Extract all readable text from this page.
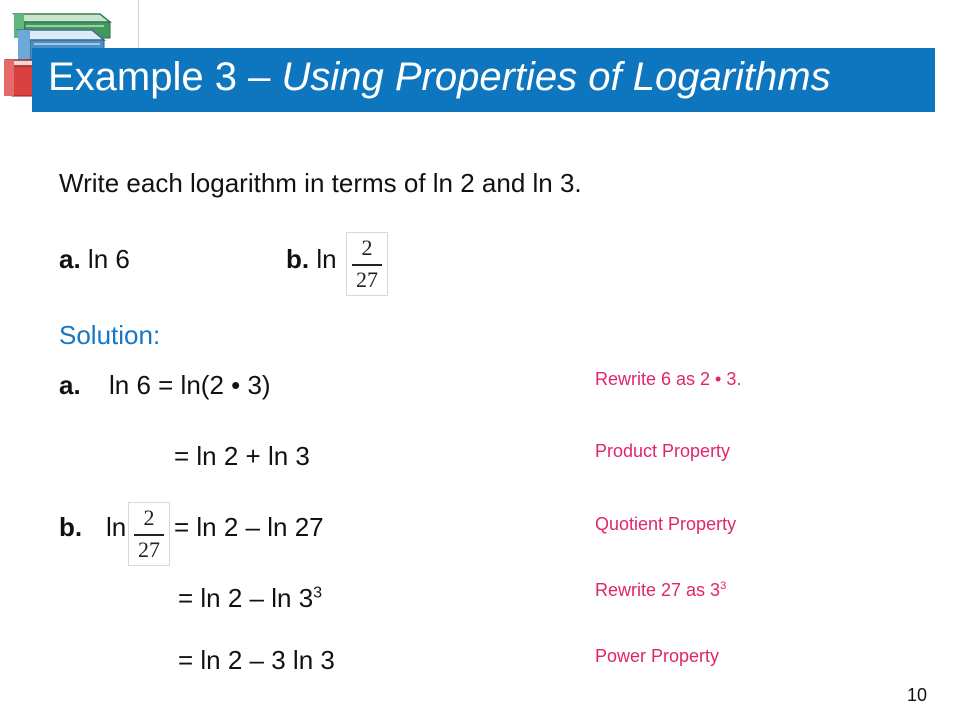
Example 3 – Using Properties of Logarithms
Write each logarithm in terms of ln 2 and ln 3.
a. ln 6	b. ln	2
27
Solution:
a. ln 6 = ln(2 • 3)
= ln 2 + ln 3
b. ln 2
27
= ln 2 – ln 27
= $\ln 2 - \ln 3^3$
= ln 2 – 3 ln 3
Rewrite 6 as 2 • 3.
Product Property
Quotient Property
Rewrite 27 as $3^3$
Power Property
10
